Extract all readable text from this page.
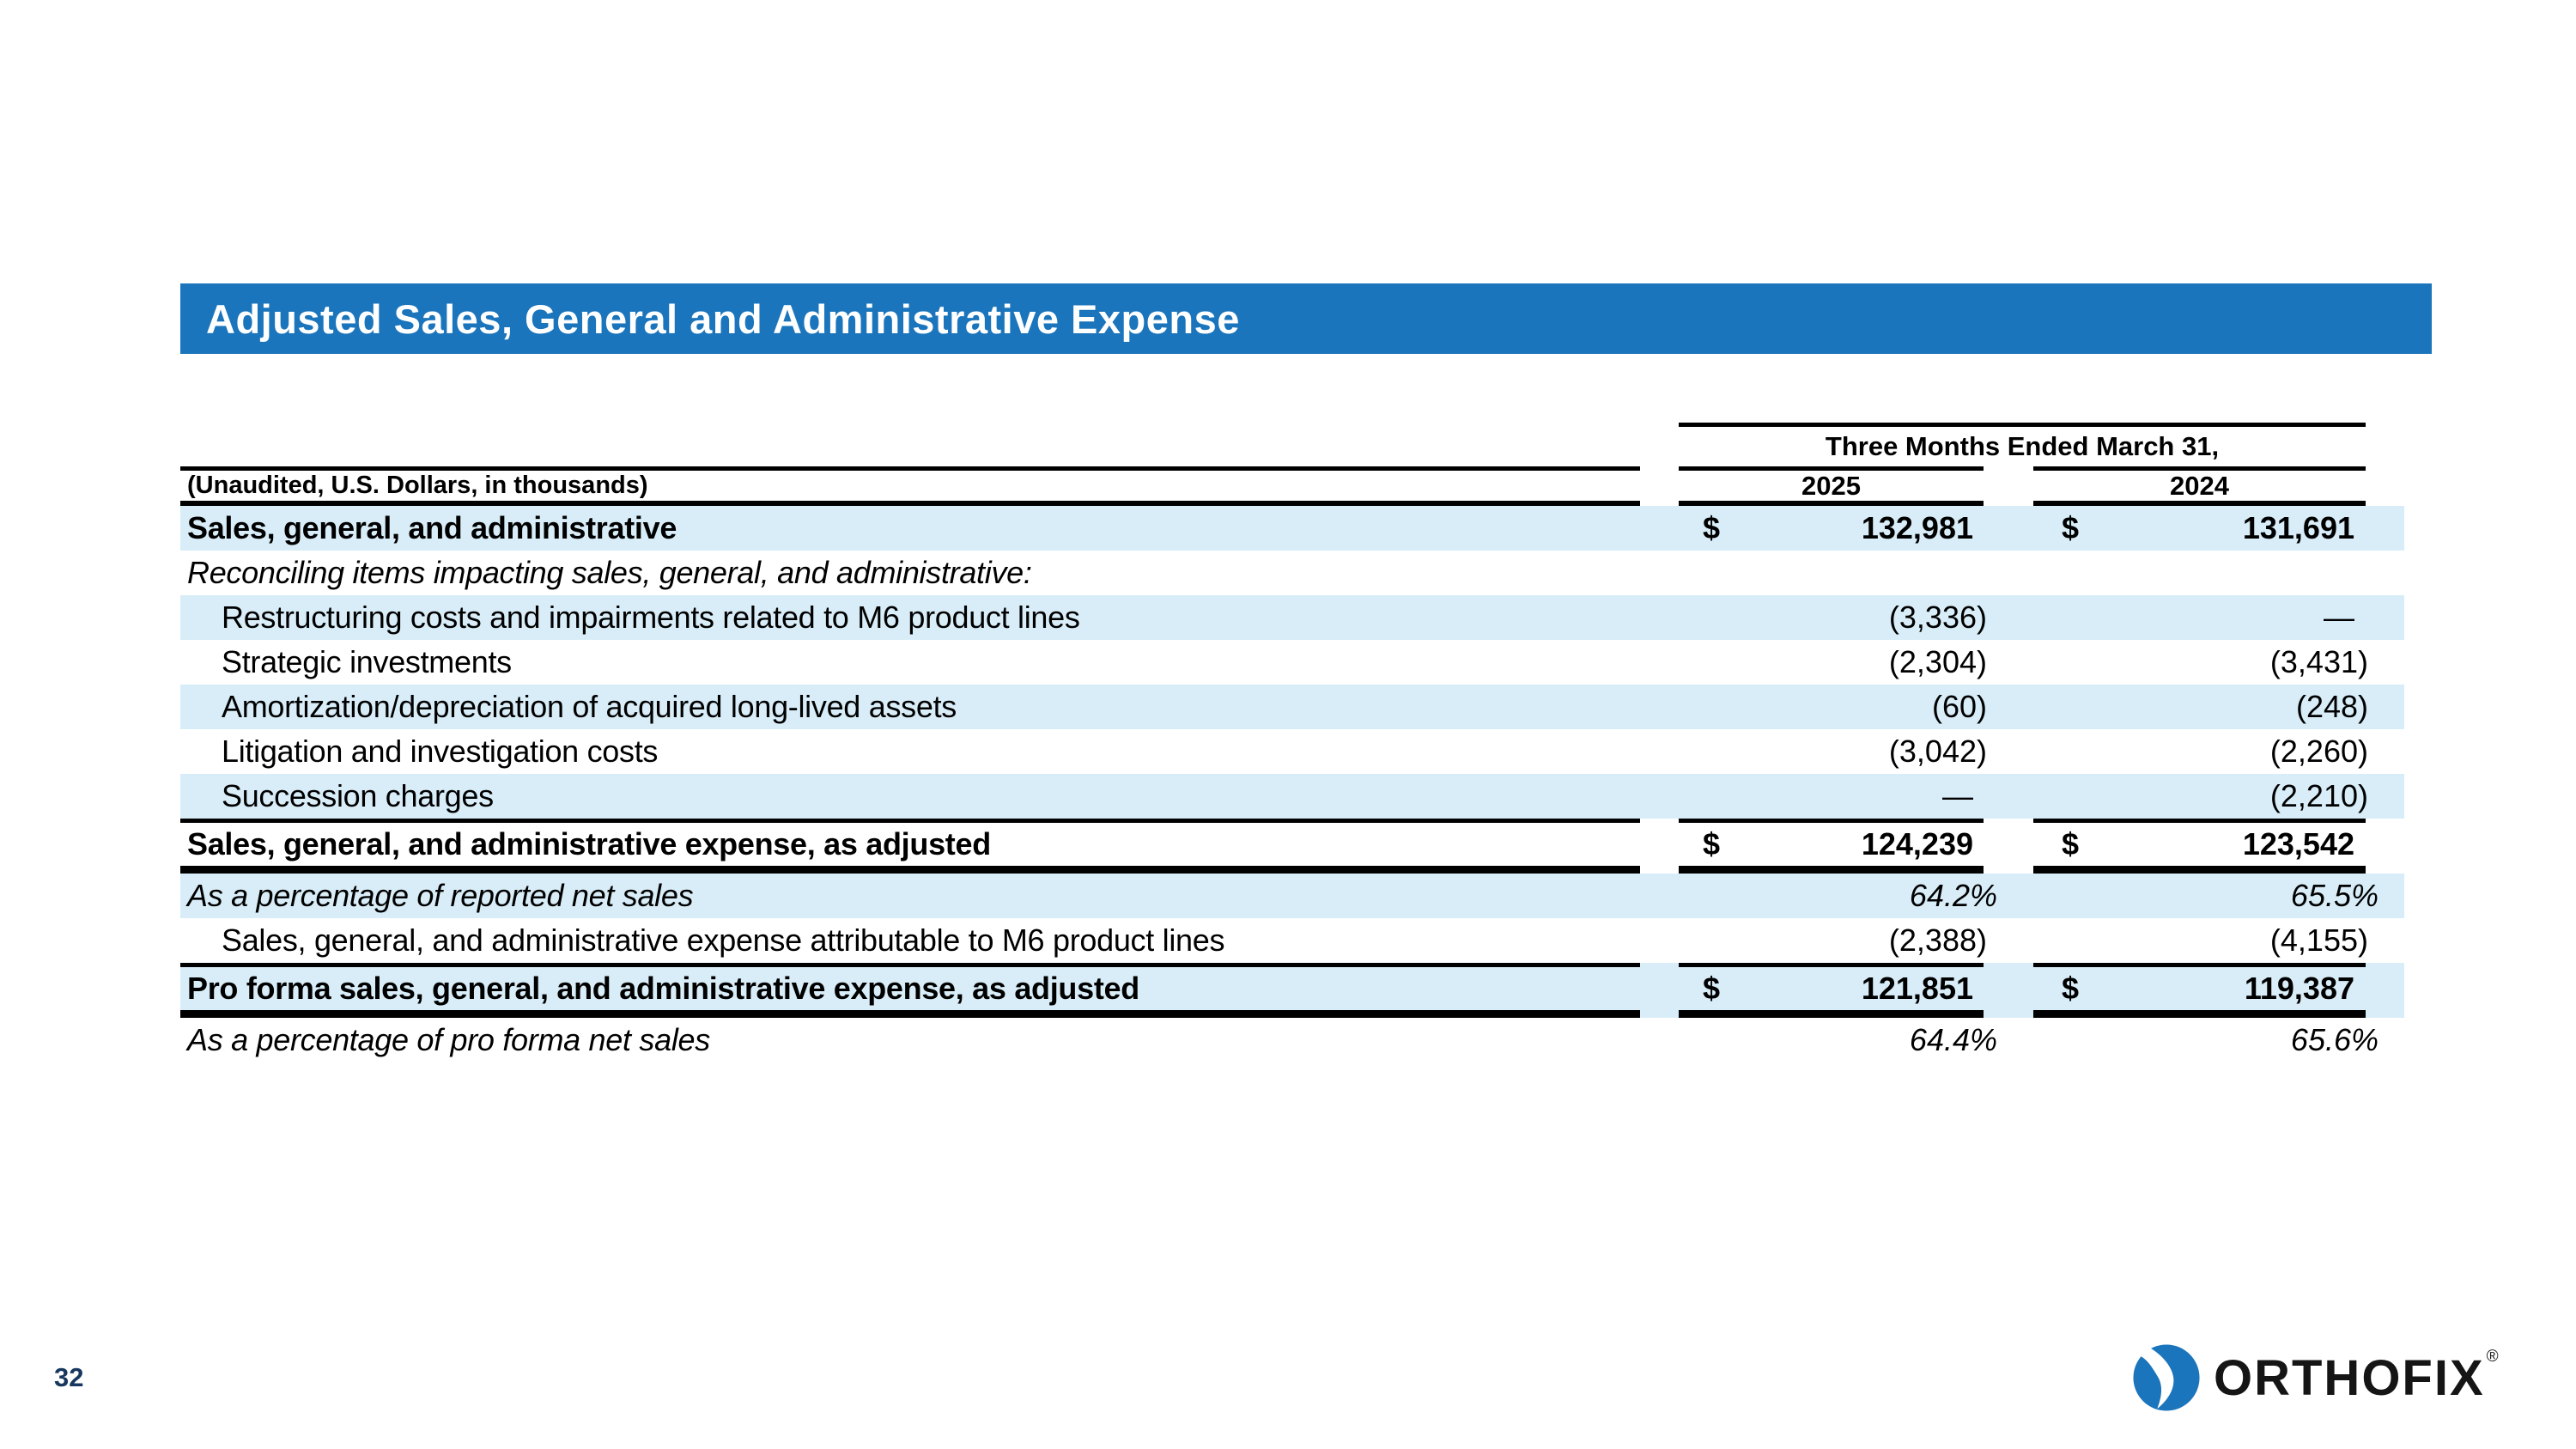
Adjusted Sales, General and Administrative Expense
Three Months Ended March 31,
(Unaudited, U.S. Dollars, in thousands)	2025	2024
Sales, general, and administrative	$	132,981	$	131,691
Reconciling items impacting sales, general, and administrative:
Restructuring costs and impairments related to M6 product lines	(3,336)	—
Strategic investments	(2,304)	(3,431)
Amortization/depreciation of acquired long-lived assets	(60)	(248)
Litigation and investigation costs	(3,042)	(2,260)
Succession charges	—	(2,210)
Sales, general, and administrative expense, as adjusted	$	124,239	$	123,542
As a percentage of reported net sales	64.2%	65.5%
Sales, general, and administrative expense attributable to M6 product lines	(2,388)	(4,155)
Pro forma sales, general, and administrative expense, as adjusted	$	121,851	$	119,387
As a percentage of pro forma net sales	64.4%	65.6%
32	ORTHOFIX ®
